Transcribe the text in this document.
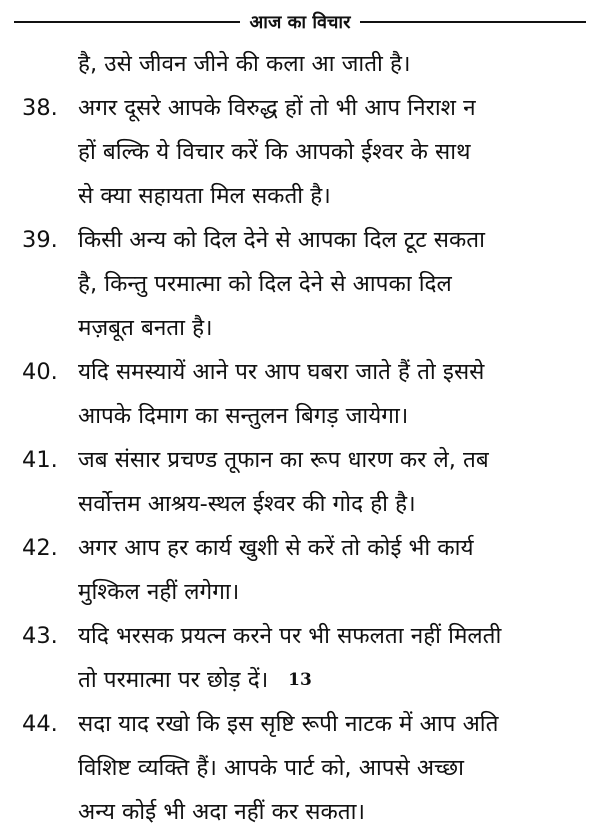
आज का विचार
है, उसे जीवन जीने की कला आ जाती है।
38. अगर दूसरे आपके विरुद्ध हों तो भी आप निराश न
हों बल्कि ये विचार करें कि आपको ईश्वर के साथ
से क्या सहायता मिल सकती है।
39. किसी अन्य को दिल देने से आपका दिल टूट सकता
है, किन्तु परमात्मा को दिल देने से आपका दिल
मज़बूत बनता है।
40. यदि समस्यायें आने पर आप घबरा जाते हैं तो इससे
आपके दिमाग का सन्तुलन बिगड़ जायेगा।
41. जब संसार प्रचण्ड तूफान का रूप धारण कर ले, तब
सर्वोत्तम आश्रय-स्थल ईश्वर की गोद ही है।
42. अगर आप हर कार्य खुशी से करें तो कोई भी कार्य
मुश्किल नहीं लगेगा।
43. यदि भरसक प्रयत्न करने पर भी सफलता नहीं मिलती
तो परमात्मा पर छोड़ दें।
44. सदा याद रखो कि इस सृष्टि रूपी नाटक में आप अति
विशिष्ट व्यक्ति हैं। आपके पार्ट को, आपसे अच्छा
अन्य कोई भी अदा नहीं कर सकता।
13
